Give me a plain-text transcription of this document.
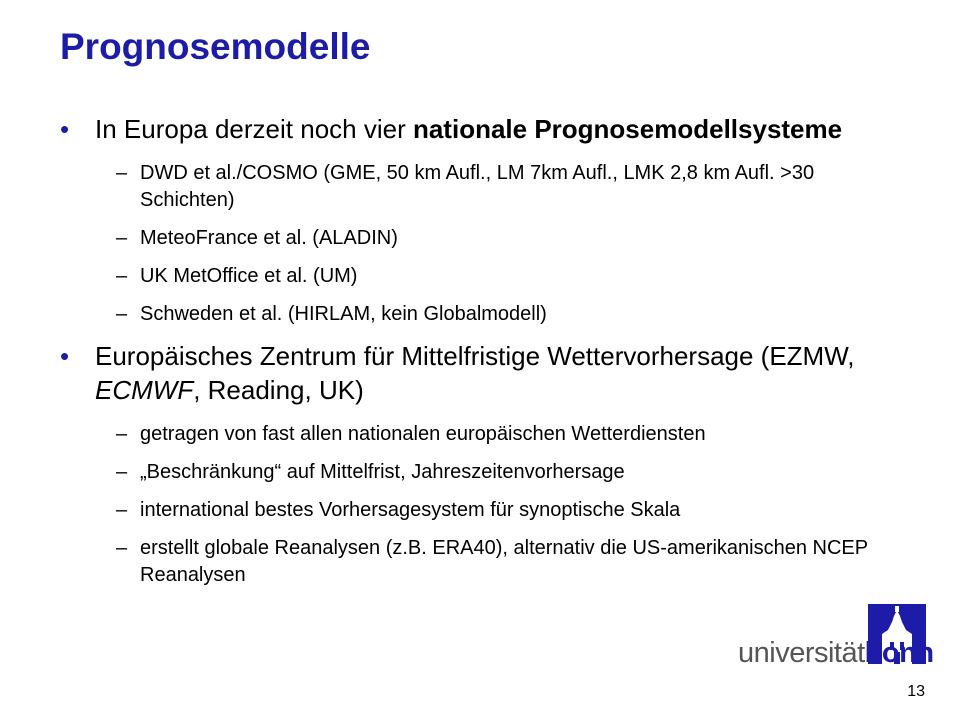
Prognosemodelle
• In Europa derzeit noch vier nationale Prognosemodellsysteme
– DWD et al./COSMO (GME, 50 km Aufl., LM 7km Aufl., LMK 2,8 km Aufl. >30 Schichten)
– MeteoFrance et al. (ALADIN)
– UK MetOffice et al. (UM)
– Schweden et al. (HIRLAM, kein Globalmodell)
• Europäisches Zentrum für Mittelfristige Wettervorhersage (EZMW, ECMWF, Reading, UK)
– getragen von fast allen nationalen europäischen Wetterdiensten
– „Beschränkung“ auf Mittelfrist, Jahreszeitenvorhersage
– international bestes Vorhersagesystem für synoptische Skala
– erstellt globale Reanalysen (z.B. ERA40), alternativ die US-amerikanischen NCEP Reanalysen
universitätbonn
13
